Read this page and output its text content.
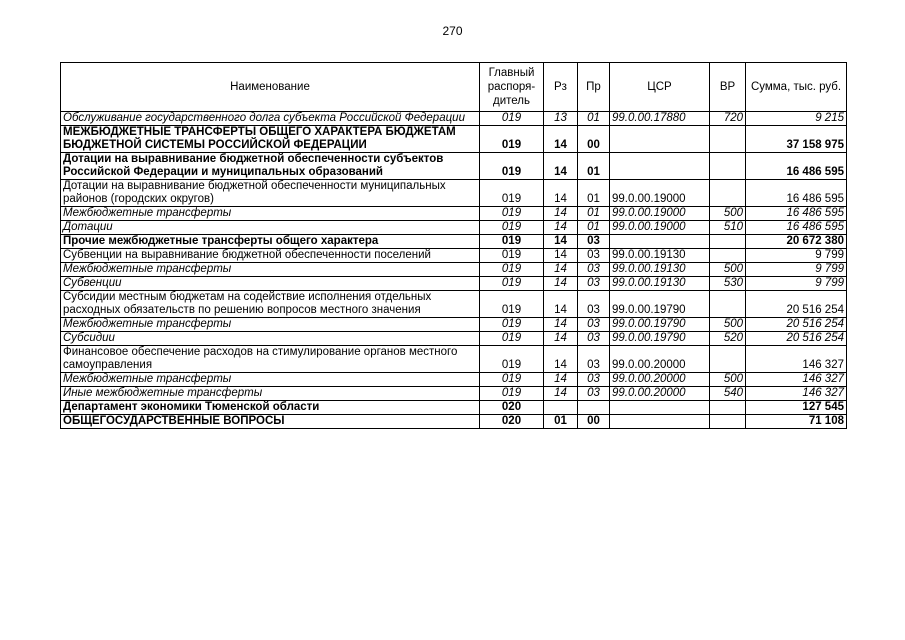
270
Наименование	Главный распоря-дитель	Рз	Пр	ЦСР	ВР	Сумма, тыс. руб.
Обслуживание государственного долга субъекта Российской Федерации	019	13	01	99.0.00.17880	720	9 215
МЕЖБЮДЖЕТНЫЕ ТРАНСФЕРТЫ ОБЩЕГО ХАРАКТЕРА БЮДЖЕТАМ БЮДЖЕТНОЙ СИСТЕМЫ РОССИЙСКОЙ ФЕДЕРАЦИИ	019	14	00			37 158 975
Дотации на выравнивание бюджетной обеспеченности субъектов Российской Федерации и муниципальных образований	019	14	01			16 486 595
Дотации на выравнивание бюджетной обеспеченности муниципальных районов (городских округов)	019	14	01	99.0.00.19000		16 486 595
Межбюджетные трансферты	019	14	01	99.0.00.19000	500	16 486 595
Дотации	019	14	01	99.0.00.19000	510	16 486 595
Прочие межбюджетные трансферты общего характера	019	14	03			20 672 380
Субвенции на выравнивание бюджетной обеспеченности поселений	019	14	03	99.0.00.19130		9 799
Межбюджетные трансферты	019	14	03	99.0.00.19130	500	9 799
Субвенции	019	14	03	99.0.00.19130	530	9 799
Субсидии местным бюджетам на содействие исполнения отдельных расходных обязательств по решению вопросов местного значения	019	14	03	99.0.00.19790		20 516 254
Межбюджетные трансферты	019	14	03	99.0.00.19790	500	20 516 254
Субсидии	019	14	03	99.0.00.19790	520	20 516 254
Финансовое обеспечение расходов на стимулирование органов местного самоуправления	019	14	03	99.0.00.20000		146 327
Межбюджетные трансферты	019	14	03	99.0.00.20000	500	146 327
Иные межбюджетные трансферты	019	14	03	99.0.00.20000	540	146 327
Департамент экономики Тюменской области	020					127 545
ОБЩЕГОСУДАРСТВЕННЫЕ ВОПРОСЫ	020	01	00			71 108
